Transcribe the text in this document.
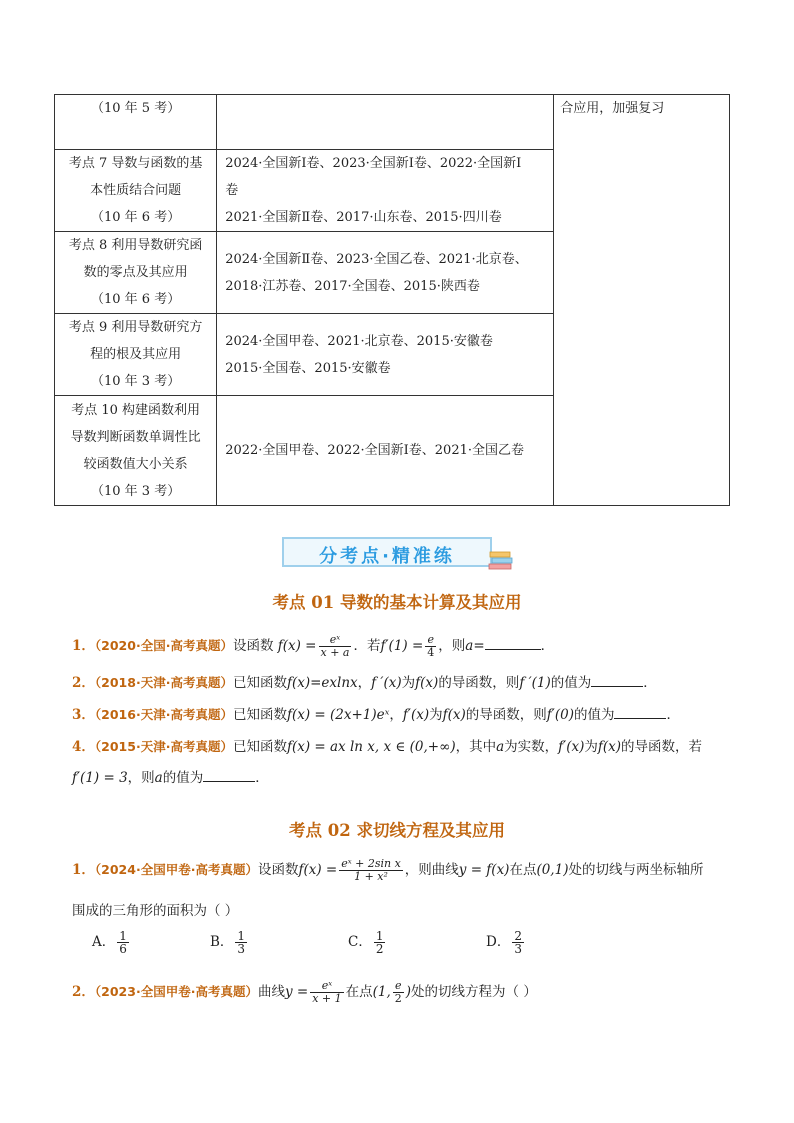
（10 年 5 考）		合应用，加强复习

考点 7 导数与函数的基
本性质结合问题
（10 年 6 考）	2024·全国新Ⅰ卷、2023·全国新Ⅰ卷、2022·全国新Ⅰ
卷
2021·全国新Ⅱ卷、2017·山东卷、2015·四川卷	

考点 8 利用导数研究函
数的零点及其应用
（10 年 6 考）	2024·全国新Ⅱ卷、2023·全国乙卷、2021·北京卷、
2018·江苏卷、2017·全国卷、2015·陕西卷	

考点 9 利用导数研究方
程的根及其应用
（10 年 3 考）	2024·全国甲卷、2021·北京卷、2015·安徽卷
2015·全国卷、2015·安徽卷	

考点 10 构建函数利用
导数判断函数单调性比
较函数值大小关系
（10 年 3 考）	2022·全国甲卷、2022·全国新Ⅰ卷、2021·全国乙卷	
分考点·精准练
考点 01 导数的基本计算及其应用
1．（2020·全国·高考真题）设函数 $f(x) = \frac{\text{eˣ}}{x + a}$ ．若$f'(1) = \frac{e}{4}$ ，则a=	．
2．（2018·天津·高考真题）已知函数f(x)=exlnx，f ′(x)为f(x)的导函数，则f ′(1)的值为	．
3．（2016·天津·高考真题）已知函数f(x) = (2x+1)eˣ，f′(x)为f(x)的导函数，则f′(0)的值为	．
4．（2015·天津·高考真题）已知函数f(x) = ax ln x, x ∈ (0,+∞)，其中a为实数，f′(x)为f(x)的导函数，若
f′(1) = 3，则a的值为	．
考点 02 求切线方程及其应用
1．（2024·全国甲卷·高考真题）设函数$f(x) = \frac{\text{eˣ + 2sin x}}{\text{1 + x²}}$ ，则曲线y = f(x)在点(0,1)处的切线与两坐标轴所
围成的三角形的面积为（ ）
A． $\frac{1}{6}$	B． $\frac{1}{3}$	C． $\frac{1}{2}$	D． $\frac{2}{3}$
2．（2023·全国甲卷·高考真题）曲线$y = \frac{\text{eˣ}}{x + 1}$ 在点(1, $\frac{e}{2}$ )处的切线方程为（ ）
